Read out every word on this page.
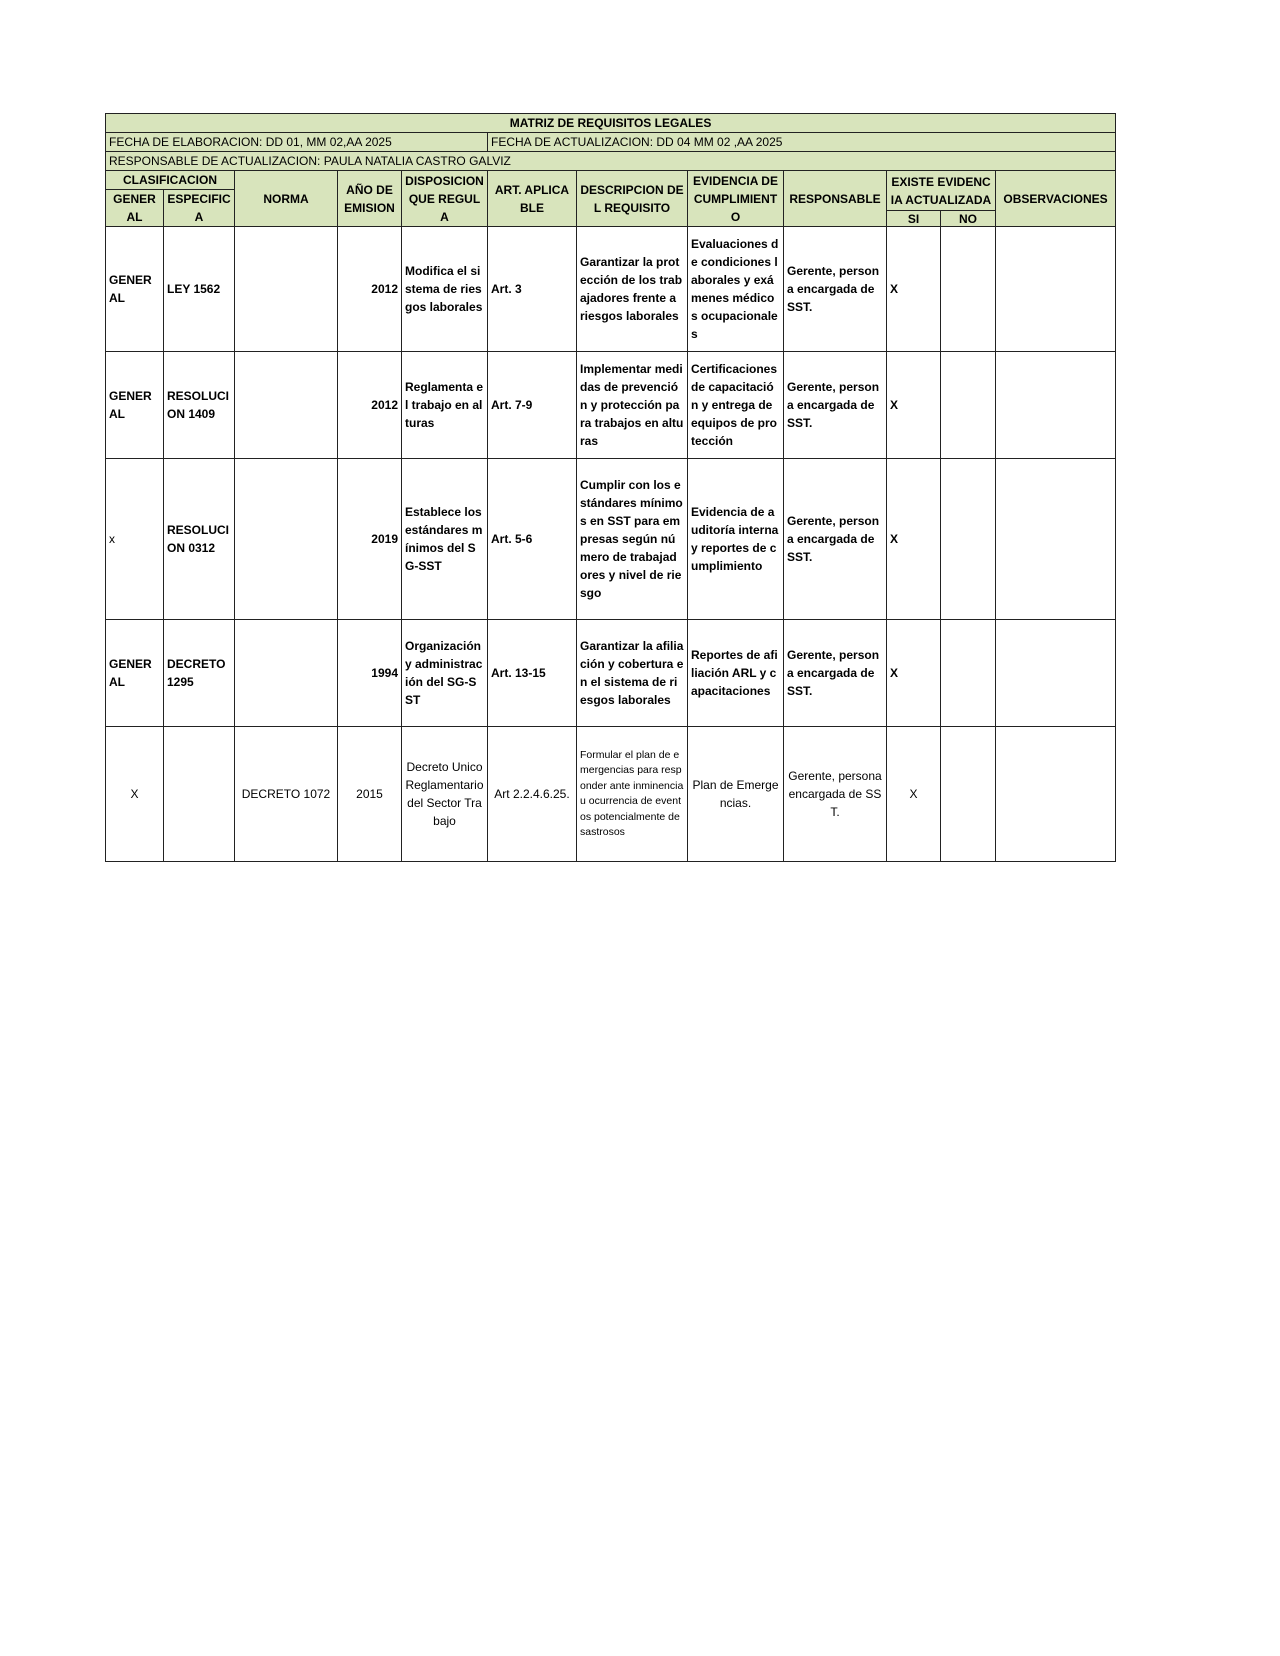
MATRIZ DE REQUISITOS LEGALES											
FECHA DE ELABORACION: DD 01, MM 02,AA 2025					FECHA DE ACTUALIZACION: DD 04 MM 02 ,AA 2025						
RESPONSABLE DE ACTUALIZACION: PAULA NATALIA CASTRO GALVIZ											
CLASIFICACION		NORMA	AÑO DE EMISION	DISPOSICION QUE REGULA	ART. APLICABLE	DESCRIPCION DEL REQUISITO	EVIDENCIA DE CUMPLIMIENTO	RESPONSABLE	EXISTE EVIDENCIA ACTUALIZADA		OBSERVACIONES
GENERAL	ESPECIFICA										
									SI	NO	
GENERAL	LEY 1562		2012	Modifica el sistema de riesgos laborales	Art. 3	Garantizar la protección de los trabajadores frente a riesgos laborales	Evaluaciones de condiciones laborales y exámenes médicos ocupacionales	Gerente, persona encargada de SST.	X		
GENERAL	RESOLUCION 1409		2012	Reglamenta el trabajo en alturas	Art. 7-9	Implementar medidas de prevención y protección para trabajos en alturas	Certificaciones de capacitación y entrega de equipos de protección	Gerente, persona encargada de SST.	X		
x	RESOLUCION 0312		2019	Establece los estándares mínimos del SG-SST	Art. 5-6	Cumplir con los estándares mínimos en SST para empresas según número de trabajadores y nivel de riesgo	Evidencia de auditoría interna y reportes de cumplimiento	Gerente, persona encargada de SST.	X		
GENERAL	DECRETO 1295		1994	Organización y administración del SG-SST	Art. 13-15	Garantizar la afiliación y cobertura en el sistema de riesgos laborales	Reportes de afiliación ARL y capacitaciones	Gerente, persona encargada de SST.	X		
X		DECRETO 1072	2015	Decreto Unico Reglamentario del Sector Trabajo	Art 2.2.4.6.25.	Formular el plan de emergencias para responder ante inminencia u ocurrencia de eventos potencialmente desastrosos	Plan de Emergencias.	Gerente, persona encargada de SST.	X		
